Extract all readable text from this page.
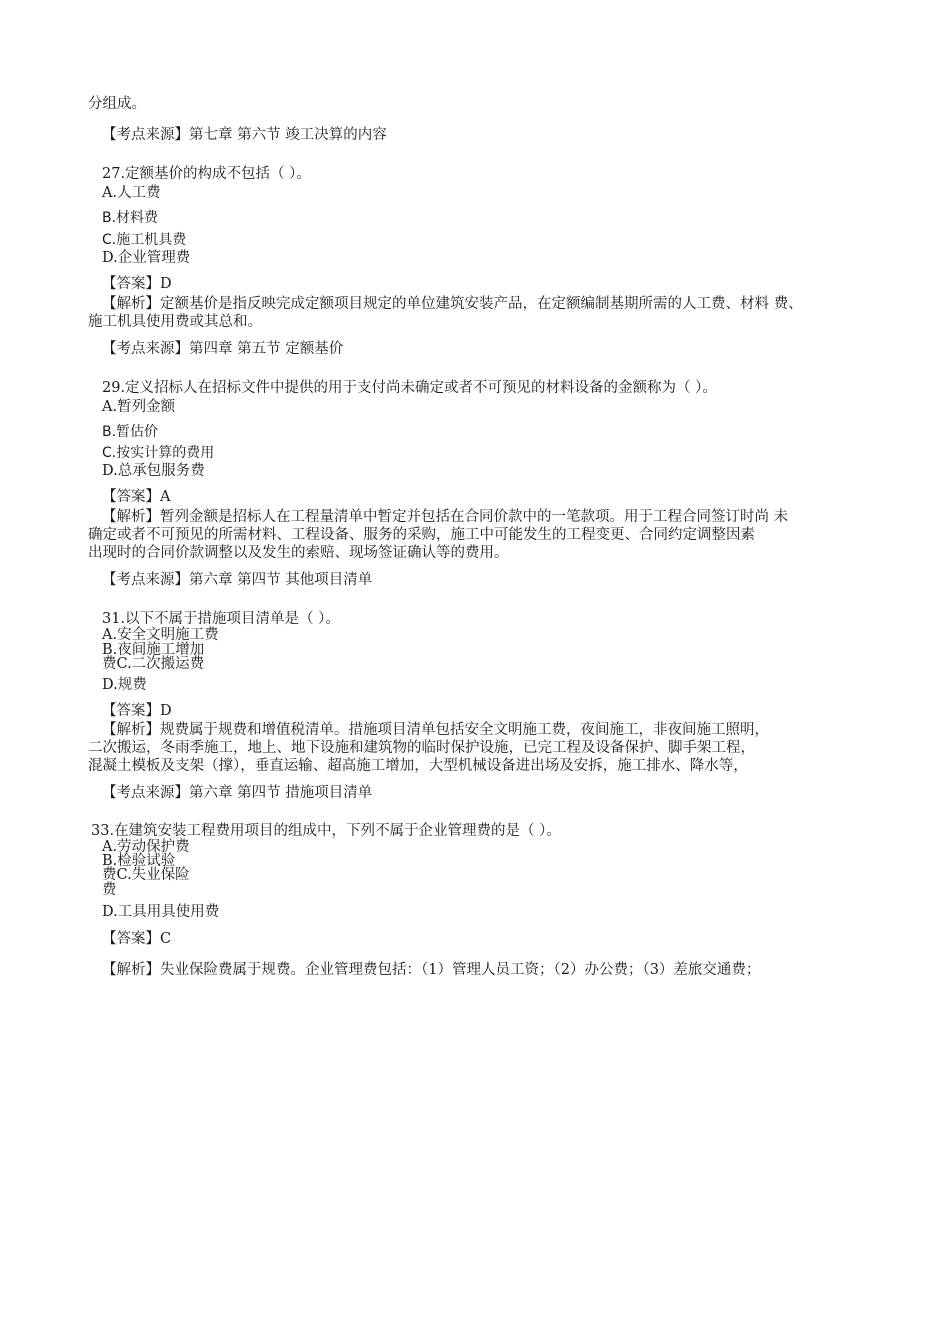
分组成。
【考点来源】第七章 第六节 竣工决算的内容
27.定额基价的构成不包括（ ）。
A.人工费
B.材料费
C.施工机具费
D.企业管理费
【答案】D
【解析】定额基价是指反映完成定额项目规定的单位建筑安装产品，在定额编制基期所需的人工费、材料 费、
施工机具使用费或其总和。
【考点来源】第四章 第五节 定额基价
29.定义招标人在招标文件中提供的用于支付尚未确定或者不可预见的材料设备的金额称为（ ）。
A.暂列金额
B.暂估价
C.按实计算的费用
D.总承包服务费
【答案】A
【解析】暂列金额是招标人在工程量清单中暂定并包括在合同价款中的一笔款项。用于工程合同签订时尚 未
确定或者不可预见的所需材料、工程设备、服务的采购，施工中可能发生的工程变更、合同约定调整因素
出现时的合同价款调整以及发生的索赔、现场签证确认等的费用。
【考点来源】第六章 第四节 其他项目清单
31.以下不属于措施项目清单是（ ）。
A.安全文明施工费
B.夜间施工增加
费C.二次搬运费
D.规费
【答案】D
【解析】规费属于规费和增值税清单。措施项目清单包括安全文明施工费，夜间施工，非夜间施工照明，
二次搬运，冬雨季施工，地上、地下设施和建筑物的临时保护设施，已完工程及设备保护、脚手架工程，
混凝土模板及支架（撑），垂直运输、超高施工增加，大型机械设备进出场及安拆，施工排水、降水等，
【考点来源】第六章 第四节 措施项目清单
33.在建筑安装工程费用项目的组成中，下列不属于企业管理费的是（ ）。
A.劳动保护费
B.检验试验
费C.失业保险
费
D.工具用具使用费
【答案】C
【解析】失业保险费属于规费。企业管理费包括：（1）管理人员工资；（2）办公费；（3）差旅交通费；
